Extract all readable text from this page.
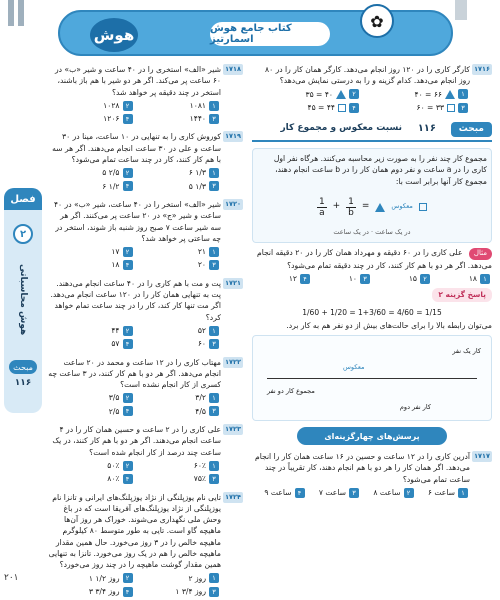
هوش	کتاب جامع هوش اسمارتیز
✿
فصل
۲
هوش محاسباتی
مبحث
۱۱۶
۲۰۱
۱۷۱۸
شیر «الف» استخری را در ۴۰ ساعت و شیر «ب» در ۶۰ ساعت پر می‌کند. اگر هر دو شیر با هم باز باشند، استخر در چند دقیقه پر خواهد شد؟
۱
۱۰۸۱
۲
۱۰۲۸
۳
۱۴۴۰
۴
۱۲۰۶
۱۷۱۹
کوروش کاری را به تنهایی در ۱۰ ساعت، مینا در ۳۰ ساعت و علی در ۳۰ ساعت انجام می‌دهند. اگر هر سه با هم کار کنند، کار در چند ساعت تمام می‌شود؟
۱
۶ ۱/۳
۲
۵ ۲/۵
۳
۵ ۱/۳
۴
۶ ۱/۲
۱۷۲۰
شیر «الف» استخر را در ۴۰ ساعت، شیر «ب» در ۴۰ ساعت و شیر «ج» در ۲۰ ساعت پر می‌کنند. اگر هر سه شیر ساعت ۷ صبح روز شنبه باز شوند، استخر در چه ساعتی پر خواهد شد؟
۱
۲۱
۲
۱۷
۳
۲۰
۴
۱۸
۱۷۲۱
پت و مت با هم کاری را در ۴۰ ساعت انجام می‌دهند. پت به تنهایی همان کار را در ۱۲۰ ساعت انجام می‌دهد. اگر مت تنها کار کند، کار را در چند ساعت تمام خواهد کرد؟
۱
۵۲
۲
۴۴
۳
۶۰
۴
۵۷
۱۷۲۲
مهتاب کاری را در ۱۲ ساعت و محمد در ۲۰ ساعت انجام می‌دهد. اگر هر دو با هم کار کنند، در ۳ ساعت چه کسری از کار انجام نشده است؟
۱
۳/۲
۲
۳/۵
۳
۴/۵
۴
۲/۵
۱۷۲۳
علی کاری را در ۲ ساعت و حسین همان کار را در ۴ ساعت انجام می‌دهند. اگر هر دو با هم کار کنند، در یک ساعت چند درصد از کار انجام شده است؟
۱
۶۰٪
۲
۵۰٪
۳
۷۵٪
۴
۸۰٪
۱۷۲۴
تایی نام یوزپلنگی از نژاد یوزپلنگ‌های ایرانی و تانزا نام یوزپلنگی از نژاد یوزپلنگ‌های آفریقا است که در باغ وحش ملی نگهداری می‌شوند. خوراک هر روز آن‌ها ماهیچه گاو است. تایی به طور متوسط ۸۰ کیلوگرم ماهیچه خالص را در ۳ روز می‌خورد. حال همین مقدار ماهیچه خالص را هم در یک روز می‌خورد. تانزا به تنهایی همین مقدار گوشت ماهیچه را در چند روز می‌خورد؟
۱
۲ روز
۲
۱ ۱/۲ روز
۳
۱ ۳/۴ روز
۴
۳ ۳/۴ روز
۱۷۱۶
کارگر کاری را در ۱۲۰ روز انجام می‌دهد. کارگر همان کار را در ۸۰ روز انجام می‌دهد. کدام گزینه و را به درستی نمایش می‌دهد؟
۱
۴۰ = ۶۶
۲
۳۵ = ۴۰
۳
۶۰ = ۳۳
۴
۴۵ = ۴۴
مبحث
۱۱۶
نسبت معکوس و مجموع کار
مجموع کار چند نفر را به صورت زیر محاسبه می‌کنند. هرگاه نفر اول کاری را در a ساعت و نفر دوم همان کار را در b ساعت انجام دهند، مجموع کار آنها برابر است با:
$\frac{1}{a} + \frac{1}{b}$ =	معکوس
در یک ساعت · در یک ساعت
مثال علی کاری را در ۶۰ دقیقه و مهرداد همان کار را در ۲۰ دقیقه انجام می‌دهد. اگر هر دو با هم کار کنند، کار در چند دقیقه تمام می‌شود؟
۱
۱۸
۲
۱۵
۳
۱۰
۴
۱۲
پاسخ گزینه ۲
1/60 + 1/20 = 1+3/60 = 4/60 = 1/15
می‌توان رابطه بالا را برای حالت‌های بیش از دو نفر هم به کار برد.
کار یک نفر
معکوس
مجموع کار دو نفر
کار نفر دوم
پرسش‌های چهارگزینه‌ای
۱۷۱۷
آدرین کاری را در ۱۲ ساعت و حسین در ۱۶ ساعت همان کار را انجام می‌دهد. اگر همان کار را هر دو با هم انجام دهند، کار تقریباً در چند ساعت تمام می‌شود؟
۱
۶ ساعت
۲
۸ ساعت
۳
۷ ساعت
۴
۹ ساعت
